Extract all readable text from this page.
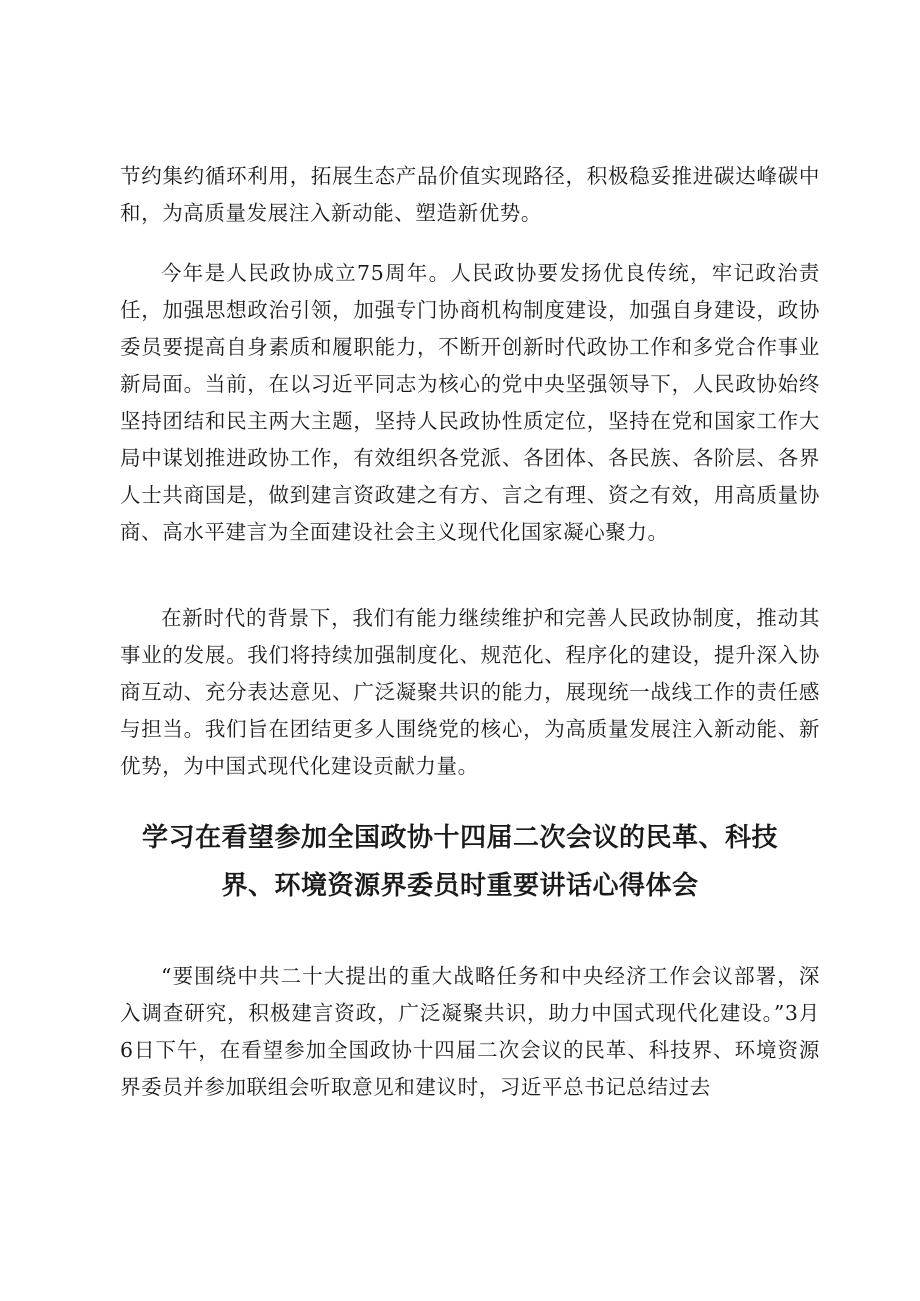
节约集约循环利用，拓展生态产品价值实现路径，积极稳妥推进碳达峰碳中和，为高质量发展注入新动能、塑造新优势。

今年是人民政协成立75周年。人民政协要发扬优良传统，牢记政治责任，加强思想政治引领，加强专门协商机构制度建设，加强自身建设，政协委员要提高自身素质和履职能力，不断开创新时代政协工作和多党合作事业新局面。当前，在以习近平同志为核心的党中央坚强领导下，人民政协始终坚持团结和民主两大主题，坚持人民政协性质定位，坚持在党和国家工作大局中谋划推进政协工作，有效组织各党派、各团体、各民族、各阶层、各界人士共商国是，做到建言资政建之有方、言之有理、资之有效，用高质量协商、高水平建言为全面建设社会主义现代化国家凝心聚力。

在新时代的背景下，我们有能力继续维护和完善人民政协制度，推动其事业的发展。我们将持续加强制度化、规范化、程序化的建设，提升深入协商互动、充分表达意见、广泛凝聚共识的能力，展现统一战线工作的责任感与担当。我们旨在团结更多人围绕党的核心，为高质量发展注入新动能、新优势，为中国式现代化建设贡献力量。

学习在看望参加全国政协十四届二次会议的民革、科技
界、环境资源界委员时重要讲话心得体会

“要围绕中共二十大提出的重大战略任务和中央经济工作会议部署，深入调查研究，积极建言资政，广泛凝聚共识，助力中国式现代化建设。”3月6日下午，在看望参加全国政协十四届二次会议的民革、科技界、环境资源界委员并参加联组会听取意见和建议时，习近平总书记总结过去
